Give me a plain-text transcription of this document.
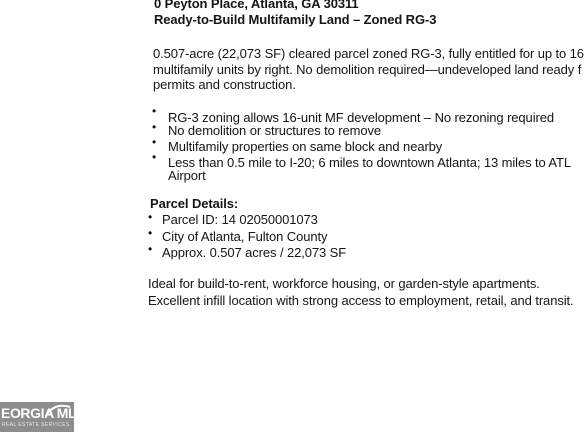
0 Peyton Place, Atlanta, GA 30311
Ready-to-Build Multifamily Land – Zoned RG-3
0.507-acre (22,073 SF) cleared parcel zoned RG-3, fully entitled for up to 16
multifamily units by right. No demolition required—undeveloped land ready f
permits and construction.
• RG-3 zoning allows 16-unit MF development – No rezoning required
• No demolition or structures to remove
• Multifamily properties on same block and nearby
• Less than 0.5 mile to I-20; 6 miles to downtown Atlanta; 13 miles to ATL
Airport
Parcel Details:
• Parcel ID: 14 02050001073
• City of Atlanta, Fulton County
• Approx. 0.507 acres / 22,073 SF
Ideal for build-to-rent, workforce housing, or garden-style apartments.
Excellent infill location with strong access to employment, retail, and transit.
EORGIA MLS
REAL ESTATE SERVICES
